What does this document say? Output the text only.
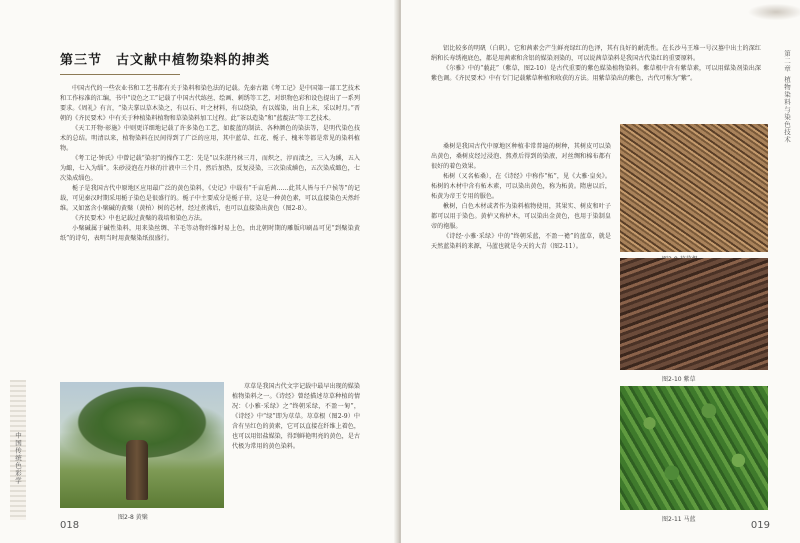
第三节 古文献中植物染料的抻类

中国古代的一些农业书和工艺书都有关于染料和染色法的记载。先秦古籍《考工记》是中国第一部工艺技术和工作标准的汇编，书中“设色之工”记载了中国古代练丝、绘画、刺绣等工艺，对织物色彩和设色提出了一系列要求。《周礼》有言，“染夫掌以草木染之，有以石、叶之材料，有以绕染，有以媒染，出自上末，采以时月。”晋朝的《齐民要术》中有关于种植染料植物和草染染料加工过程。此“茶以造染”和“蓝靛法”等工艺技术。

《天工开物·彰施》中则更详细地记载了许多染色工艺，如靛蓝的制法、各种颜色的染法等，是明代染色技术的总结。明清以来，植物染料在民间得到了广泛的应用，其中蓝草、红花、栀子、槐米等都是常见的染料植物。

《考工记·钟氏》中曾记载“染羽”的操作工艺：先是“以朱湛丹秫三月，而炽之，淳而渍之，三入为纁，五入为緅，七入为缁”。朱砂浸泡在丹秫的汁液中三个月，然后加热，反复浸染，三次染成纁色，五次染成緅色，七次染成缁色。

栀子是我国古代中原地区应用最广泛的黄色染料，《史记》中载有“千亩巵茜……此其人皆与千户侯等”的记载，可见秦汉时期采用栀子染色是很盛行的。栀子中主要成分是栀子苷，这是一种黄色素，可以直接染色天然纤维。又如富含小檗碱的黄檗（黄柏）树的芯材，经过煮沸后，也可以直接染出黄色（图2-8）。

《齐民要术》中也记载过黄檗的栽培和染色方法。

小檗碱属于碱性染料，用来染丝绸、羊毛等动物纤维时易上色，由北朝时期的雕版印刷品可见“到檗染黄纸”的诗句，表明当时用黄檗染纸很盛行。

图2-8 黄檗

荩草是我国古代文字记载中最早出现的媒染植物染料之一。《诗经》曾经描述荩草种植的情况：《小雅·采绿》之“终朝采绿，不盈一匊”，《诗经》中“绿”即为荩草。荩草根（图2-9）中含有呈红色的黄素，它可以直接在纤维上着色，也可以用铝盐媒染，得到鲜艳明亮的黄色，是古代极为常用的黄色染料。

中国传统色彩学
018

铝比较多的明矾（白矾），它和茜素会产生鲜亮绿红的色泽，其有良好的耐洗性。在长沙马王堆一号汉墓中出土的深红绢和长寿绣袍底色，都是用茜素和含铝的媒染剂染的，可以说茜草染料是我国古代染红的重要原料。

《尔雅》中的“藐茈”（紫草，图2-10）是古代重要的紫色媒染植物染料。紫草根中含有紫草素，可以用媒染剂染出深紫色调。《齐民要术》中有专门记载紫草种植和收获的方法。用紫草染出的紫色，古代可称为“紫”。

桑树是我国古代中原地区种植非常普遍的树种，其树皮可以染出黄色，桑树皮经过浸泡、熬煮后得到的染液，对丝绸和棉布都有很好的着色效果。

柘树（又名柘桑），在《诗经》中称作“柘”，见《大雅·皇矣》。柘树的木材中含有柘木素，可以染出黄色，称为柘黄。隋唐以后，柘黄为帝王专用的服色。

楸树，白色木材或者作为染料植物使用，其果实、树皮和叶子都可以用于染色。黄栌又称栌木，可以染出金黄色，也用于染制皇帝的袍服。

《诗经·小雅·采绿》中的“终朝采蓝，不盈一襜”的蓝草，就是天然蓝染料的来源，马蓝也就是今天的大青（图2-11）。

第二章 植物染料与染色技术
019
图2-10 紫草
图2-11 马蓝
